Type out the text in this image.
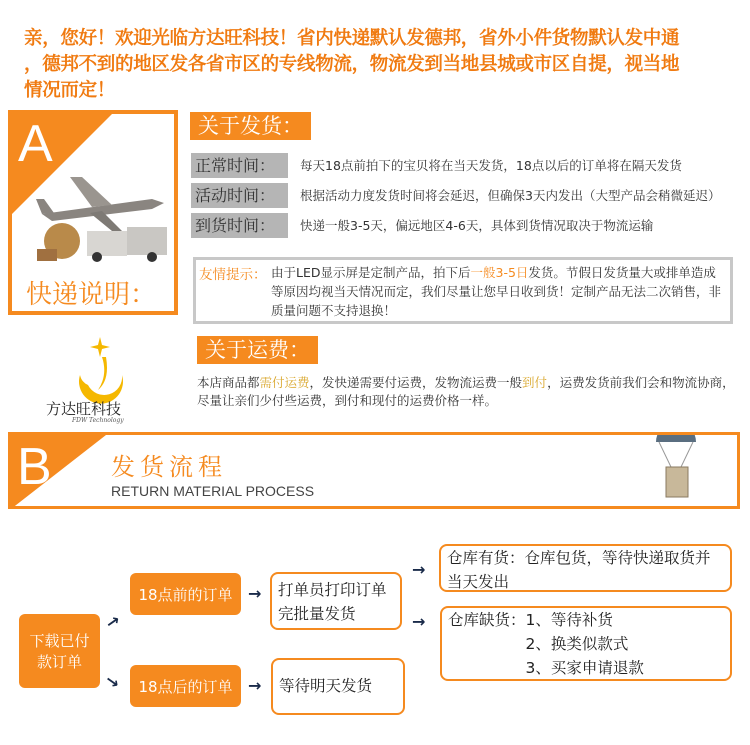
亲，您好！欢迎光临方达旺科技！省内快递默认发德邦，省外小件货物默认发中通

，德邦不到的地区发各省市区的专线物流，物流发到当地县城或市区自提，视当地

情况而定！

A
快递说明：
方达旺科技
FDW Technology
关于发货：
正常时间：	每天18点前拍下的宝贝将在当天发货，18点以后的订单将在隔天发货
活动时间：	根据活动力度发货时间将会延迟，但确保3天内发出（大型产品会稍微延迟）
到货时间：	快递一般3-5天，偏远地区4-6天，具体到货情况取决于物流运输
友情提示： 由于LED显示屏是定制产品，拍下后一般3-5日发货。节假日发货量大或排单造成等原因均视当天情况而定，我们尽量让您早日收到货！定制产品无法二次销售，非质量问题不支持退换！
关于运费：
本店商品都需付运费，发快递需要付运费，发物流运费一般到付，运费发货前我们会和物流协商，尽量让亲们少付些运费，到付和现付的运费价格一样。
B 发货流程
RETURN MATERIAL PROCESS
下载已付款订单
→
→
18点前的订单
18点后的订单
→
→
打单员打印订单完批量发货
等待明天发货
→
→
仓库有货：仓库包货，等待快递取货并当天发出
仓库缺货： 1、等待补货
2、换类似款式
3、买家申请退款
